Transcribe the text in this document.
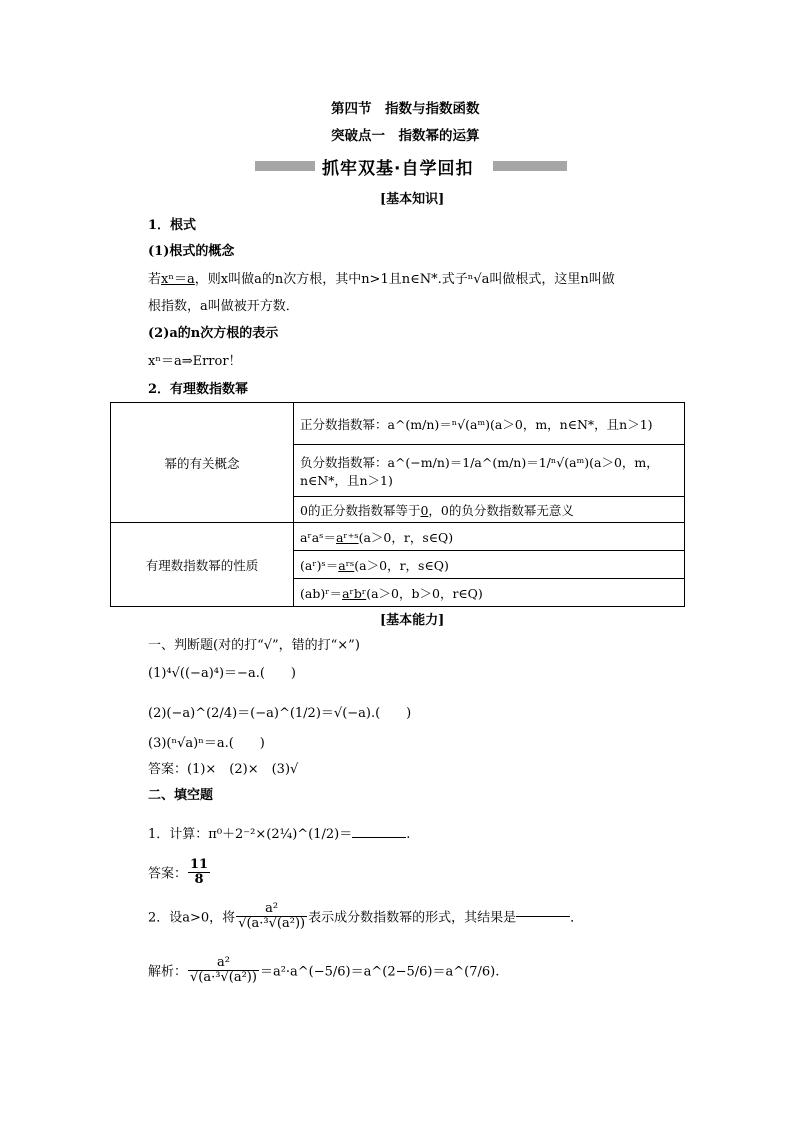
第四节　指数与指数函数
突破点一　指数幂的运算
抓牢双基·自学回扣
[基本知识]
1．根式
(1)根式的概念
若xⁿ＝a，则x叫做a的n次方根，其中n>1且n∈N*.式子ⁿ√a叫做根式，这里n叫做
根指数，a叫做被开方数．
(2)a的n次方根的表示
xⁿ＝a⇒Error！
2．有理数指数幂
幂的有关概念	正分数指数幂：a^(m/n)＝ⁿ√(aᵐ)(a＞0，m，n∈N*，且n＞1)
	负分数指数幂：a^(−m/n)＝1/a^(m/n)＝1/ⁿ√(aᵐ)(a＞0，m，n∈N*，且n＞1)
	0的正分数指数幂等于0，0的负分数指数幂无意义
有理数指数幂的性质	aʳaˢ＝aʳ⁺ˢ(a＞0，r，s∈Q)
	(aʳ)ˢ＝aʳˢ(a＞0，r，s∈Q)
	(ab)ʳ＝aʳbʳ(a＞0，b＞0，r∈Q)
[基本能力]
一、判断题(对的打“√”，错的打“×”)
(1)⁴√((−a)⁴)＝−a.(　　)
(2)(−a)^(2/4)＝(−a)^(1/2)＝√(−a).(　　)
(3)(ⁿ√a)ⁿ＝a.(　　)
答案：(1)×　(2)×　(3)√
二、填空题
1．计算：π⁰＋2⁻²×(2¼)^(1/2)＝	.
答案： $\frac{11}{8}$
2．设a>0，将 $\frac{\text{a²}}{\text{√(a·³√(a²))}}$ 表示成分数指数幂的形式，其结果是	．
解析： $\frac{\text{a²}}{\text{√(a·³√(a²))}}$ ＝a²·a^(−5/6)＝a^(2−5/6)＝a^(7/6).
